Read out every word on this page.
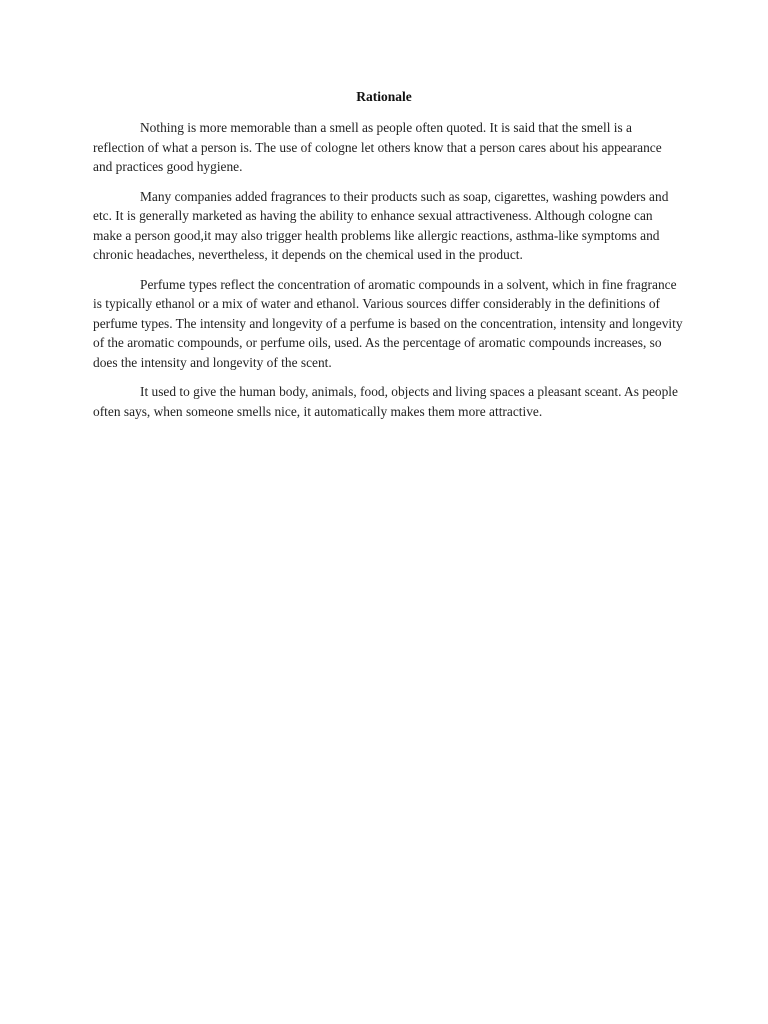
Rationale

Nothing is more memorable than a smell as people often quoted. It is said that the smell is a reflection of what a person is. The use of cologne let others know that a person cares about his appearance and practices good hygiene.

Many companies added fragrances to their products such as soap, cigarettes, washing powders and etc. It is generally marketed as having the ability to enhance sexual attractiveness. Although cologne can make a person good,it may also trigger health problems like allergic reactions, asthma-like symptoms and chronic headaches, nevertheless, it depends on the chemical used in the product.

Perfume types reflect the concentration of aromatic compounds in a solvent, which in fine fragrance is typically ethanol or a mix of water and ethanol. Various sources differ considerably in the definitions of perfume types. The intensity and longevity of a perfume is based on the concentration, intensity and longevity of the aromatic compounds, or perfume oils, used. As the percentage of aromatic compounds increases, so does the intensity and longevity of the scent.

It used to give the human body, animals, food, objects and living spaces a pleasant sceant. As people often says, when someone smells nice, it automatically makes them more attractive.
